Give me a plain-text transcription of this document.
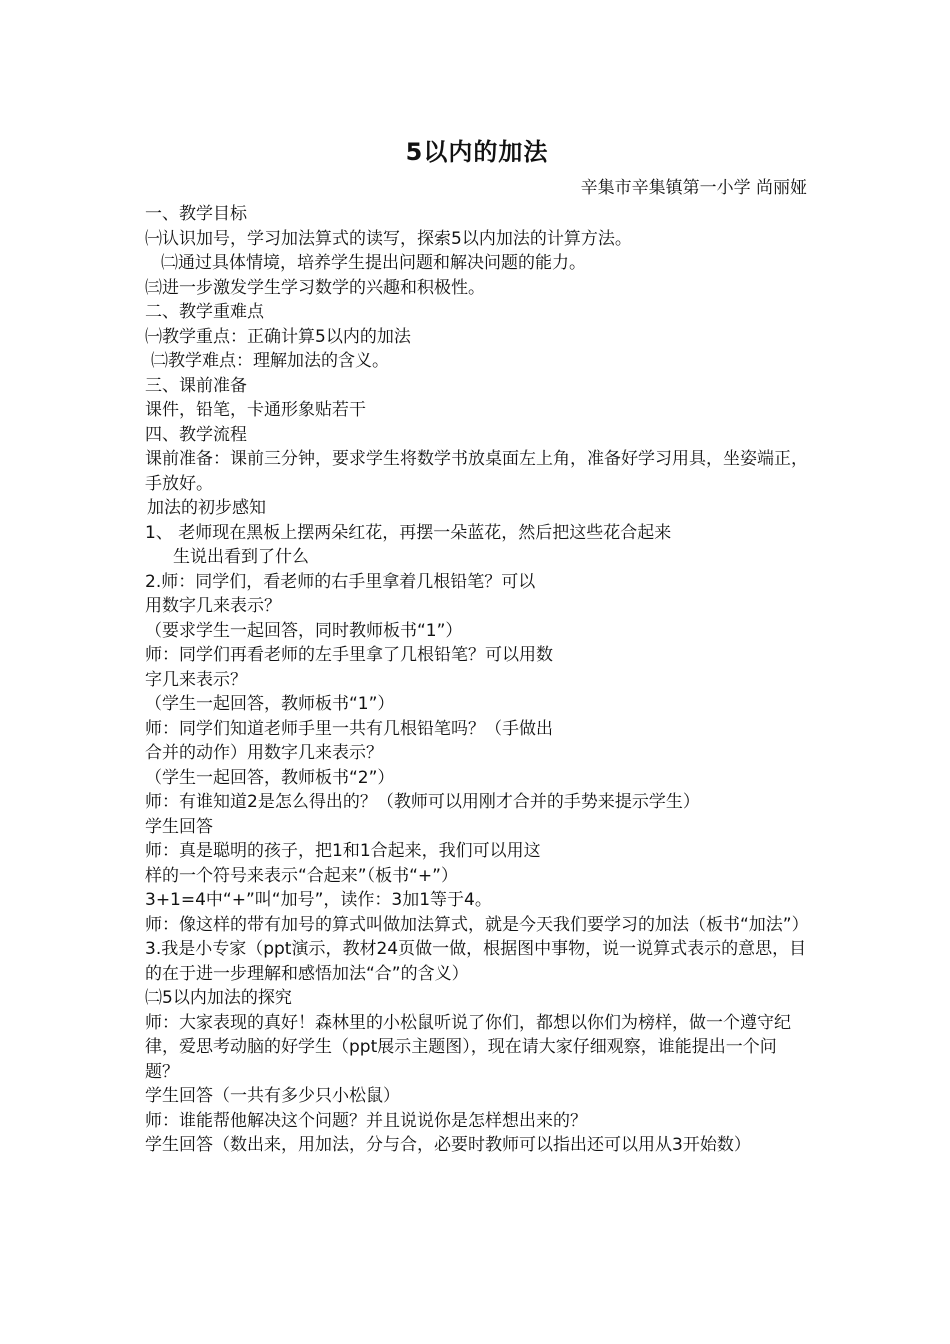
5以内的加法
辛集市辛集镇第一小学 尚丽娅
一、教学目标
㈠认识加号，学习加法算式的读写，探索5以内加法的计算方法。
㈡通过具体情境，培养学生提出问题和解决问题的能力。
㈢进一步激发学生学习数学的兴趣和积极性。
二、教学重难点
㈠教学重点：正确计算5以内的加法
㈡教学难点：理解加法的含义。
三、课前准备
课件，铅笔，卡通形象贴若干
四、教学流程
课前准备：课前三分钟，要求学生将数学书放桌面左上角，准备好学习用具，坐姿端正，手放好。
加法的初步感知
1、 老师现在黑板上摆两朵红花，再摆一朵蓝花，然后把这些花合起来
生说出看到了什么
2.师：同学们，看老师的右手里拿着几根铅笔？可以
用数字几来表示？
（要求学生一起回答，同时教师板书“1”）
师：同学们再看老师的左手里拿了几根铅笔？可以用数
字几来表示？
（学生一起回答，教师板书“1”）
师：同学们知道老师手里一共有几根铅笔吗？（手做出
合并的动作）用数字几来表示？
（学生一起回答，教师板书“2”）
师：有谁知道2是怎么得出的？（教师可以用刚才合并的手势来提示学生）
学生回答
师：真是聪明的孩子，把1和1合起来，我们可以用这
样的一个符号来表示“合起来”（板书“+”）
3+1=4中“+”叫“加号”，读作：3加1等于4。
师：像这样的带有加号的算式叫做加法算式，就是今天我们要学习的加法（板书“加法”）
3.我是小专家（ppt演示，教材24页做一做，根据图中事物，说一说算式表示的意思，目的在于进一步理解和感悟加法“合”的含义）
㈡5以内加法的探究
师：大家表现的真好！森林里的小松鼠听说了你们，都想以你们为榜样，做一个遵守纪律，爱思考动脑的好学生（ppt展示主题图），现在请大家仔细观察，谁能提出一个问题？
学生回答（一共有多少只小松鼠）
师：谁能帮他解决这个问题？并且说说你是怎样想出来的？
学生回答（数出来，用加法，分与合，必要时教师可以指出还可以用从3开始数）
